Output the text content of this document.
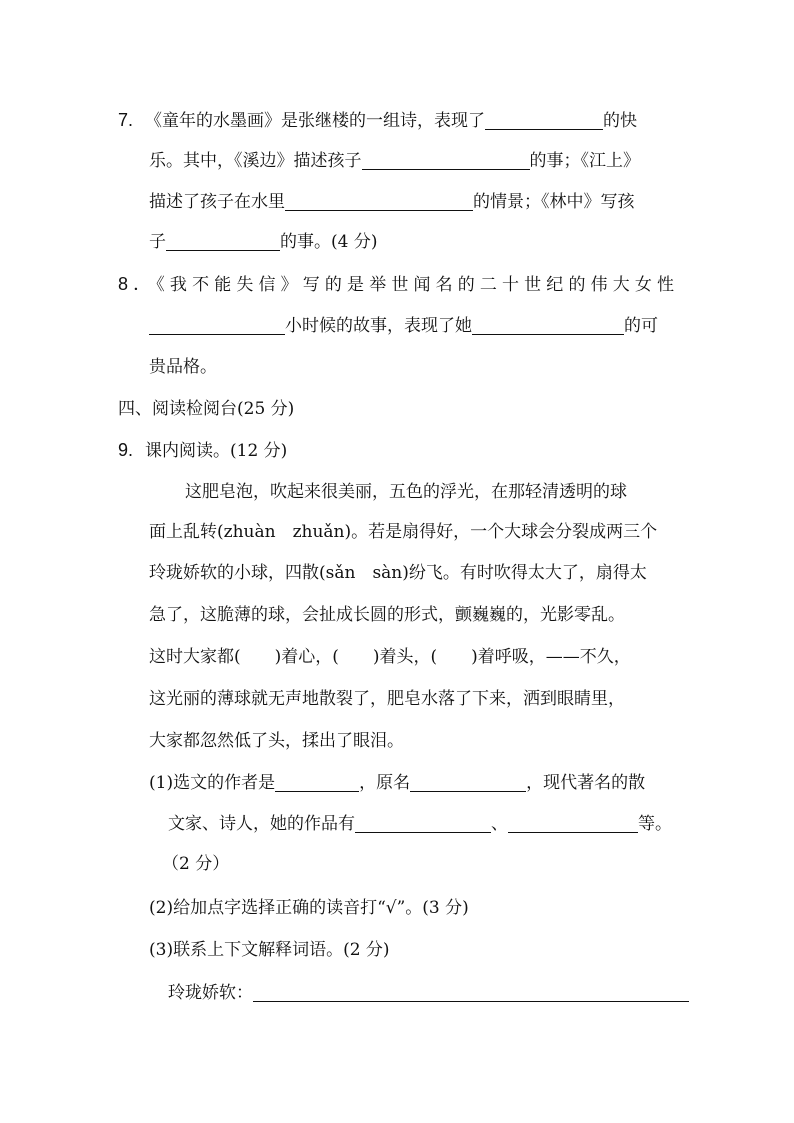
7. 《童年的水墨画》是张继楼的一组诗，表现了	的快
乐。其中，《溪边》描述孩子	的事；《江上》
描述了孩子在水里	的情景；《林中》写孩
子	的事。(4 分)
8．《我不能失信》写的是举世闻名的二十世纪的伟大女性
小时候的故事，表现了她	的可
贵品格。
四、阅读检阅台(25 分)
9. 课内阅读。(12 分)
这肥皂泡，吹起来很美丽，五色的浮光，在那轻清透明的球
面上乱转(zhuàn　zhuǎn)。若是扇得好，一个大球会分裂成两三个
玲珑娇软的小球，四散(sǎn　sàn)纷飞。有时吹得太大了，扇得太
急了，这脆薄的球，会扯成长圆的形式，颤巍巍的，光影零乱。
这时大家都(　　)着心，(　　)着头，(　　)着呼吸，——不久，
这光丽的薄球就无声地散裂了，肥皂水落了下来，洒到眼睛里，
大家都忽然低了头，揉出了眼泪。
(1)选文的作者是	，原名	，现代著名的散
文家、诗人，她的作品有	、	等。
（2 分）
(2)给加点字选择正确的读音打“√”。(3 分)
(3)联系上下文解释词语。(2 分)
玲珑娇软：
